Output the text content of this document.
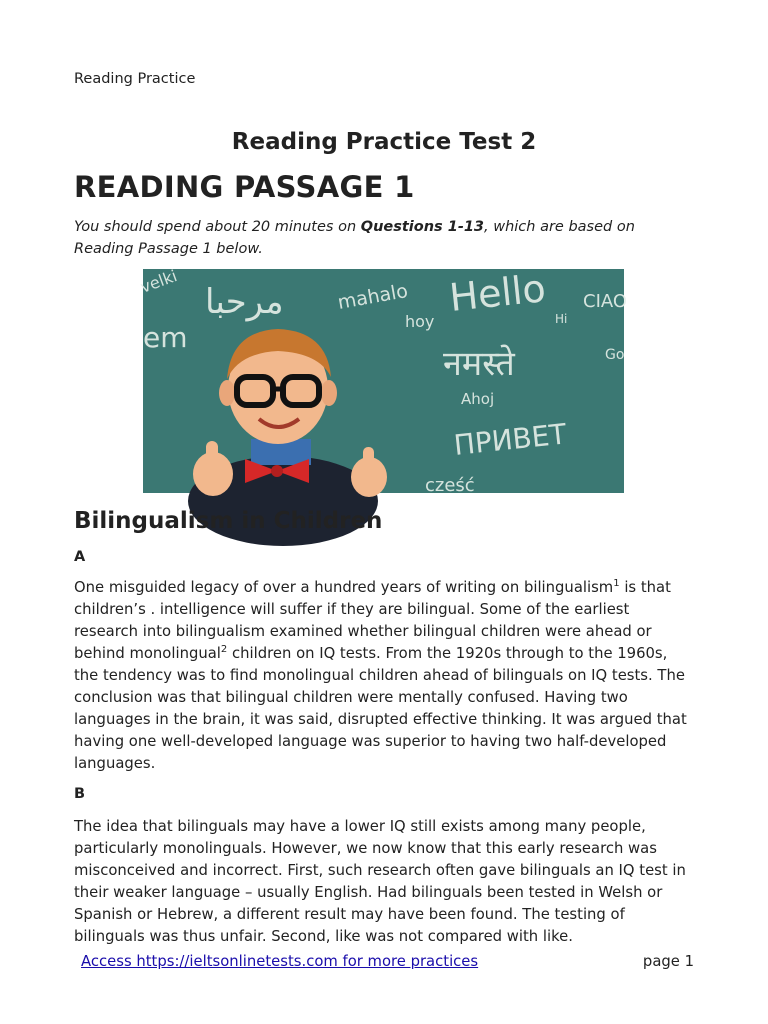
Reading Practice
Reading Practice Test 2
READING PASSAGE 1
You should spend about 20 minutes on Questions 1-13, which are based on Reading Passage 1 below.
Hello
mahalo
hoy
مرحبا
नमस्ते
Ahoj
ПРИВЕТ
CIAO
Hi
em
velki
Go
cześć
Bilingualism in Children
A

One misguided legacy of over a hundred years of writing on bilingualism$^1$ is that children’s . intelligence will suffer if they are bilingual. Some of the earliest research into bilingualism examined whether bilingual children were ahead or behind monolingual$^2$ children on IQ tests. From the 1920s through to the 1960s, the tendency was to find monolingual children ahead of bilinguals on IQ tests. The conclusion was that bilingual children were mentally confused. Having two languages in the brain, it was said, disrupted effective thinking. It was argued that having one well-developed language was superior to having two half-developed languages.

B

The idea that bilinguals may have a lower IQ still exists among many people, particularly monolinguals. However, we now know that this early research was misconceived and incorrect. First, such research often gave bilinguals an IQ test in their weaker language – usually English. Had bilinguals been tested in Welsh or Spanish or Hebrew, a different result may have been found. The testing of bilinguals was thus unfair. Second, like was not compared with like.

Access https://ieltsonlinetests.com for more practices	page 1
